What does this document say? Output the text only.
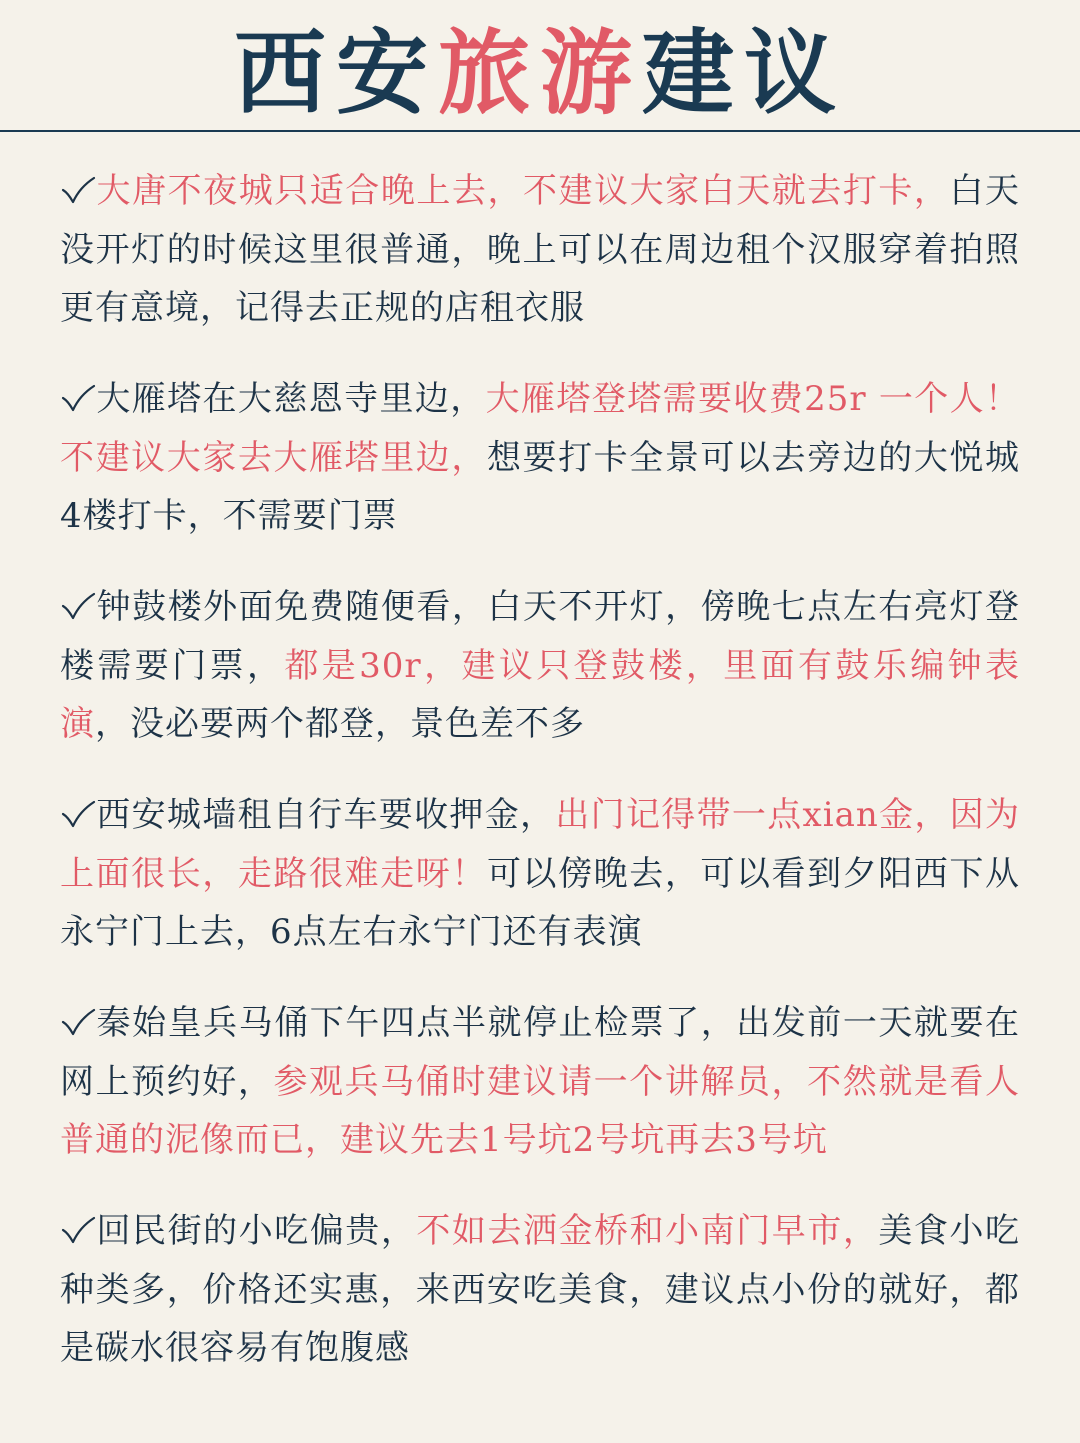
西安旅游建议

大唐不夜城只适合晚上去，不建议大家白天就去打卡，白天没开灯的时候这里很普通，晚上可以在周边租个汉服穿着拍照更有意境，记得去正规的店租衣服

大雁塔在大慈恩寺里边，大雁塔登塔需要收费25r 一个人！不建议大家去大雁塔里边，想要打卡全景可以去旁边的大悦城4楼打卡，不需要门票

钟鼓楼外面免费随便看，白天不开灯，傍晚七点左右亮灯登楼需要门票，都是30r，建议只登鼓楼，里面有鼓乐编钟表演，没必要两个都登，景色差不多

西安城墙租自行车要收押金，出门记得带一点xian金，因为上面很长，走路很难走呀！可以傍晚去，可以看到夕阳西下从永宁门上去，6点左右永宁门还有表演

秦始皇兵马俑下午四点半就停止检票了，出发前一天就要在网上预约好，参观兵马俑时建议请一个讲解员，不然就是看人普通的泥像而已，建议先去1号坑2号坑再去3号坑

回民街的小吃偏贵，不如去洒金桥和小南门早市，美食小吃种类多，价格还实惠，来西安吃美食，建议点小份的就好，都是碳水很容易有饱腹感
